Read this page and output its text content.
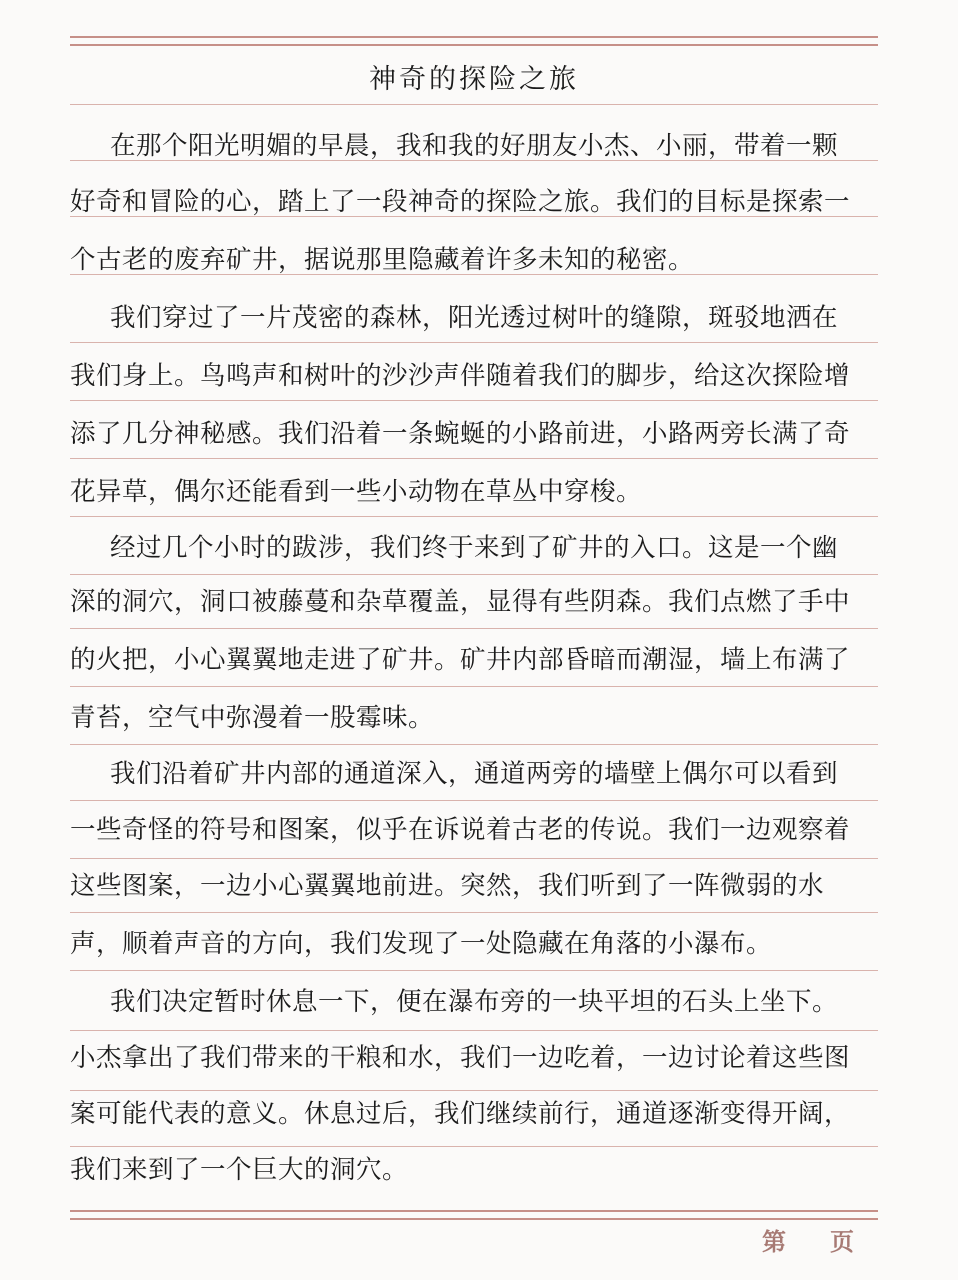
神奇的探险之旅
在那个阳光明媚的早晨，我和我的好朋友小杰、小丽，带着一颗
好奇和冒险的心，踏上了一段神奇的探险之旅。我们的目标是探索一
个古老的废弃矿井，据说那里隐藏着许多未知的秘密。
我们穿过了一片茂密的森林，阳光透过树叶的缝隙，斑驳地洒在
我们身上。鸟鸣声和树叶的沙沙声伴随着我们的脚步，给这次探险增
添了几分神秘感。我们沿着一条蜿蜒的小路前进，小路两旁长满了奇
花异草，偶尔还能看到一些小动物在草丛中穿梭。
经过几个小时的跋涉，我们终于来到了矿井的入口。这是一个幽
深的洞穴，洞口被藤蔓和杂草覆盖，显得有些阴森。我们点燃了手中
的火把，小心翼翼地走进了矿井。矿井内部昏暗而潮湿，墙上布满了
青苔，空气中弥漫着一股霉味。
我们沿着矿井内部的通道深入，通道两旁的墙壁上偶尔可以看到
一些奇怪的符号和图案，似乎在诉说着古老的传说。我们一边观察着
这些图案，一边小心翼翼地前进。突然，我们听到了一阵微弱的水
声，顺着声音的方向，我们发现了一处隐藏在角落的小瀑布。
我们决定暂时休息一下，便在瀑布旁的一块平坦的石头上坐下。
小杰拿出了我们带来的干粮和水，我们一边吃着，一边讨论着这些图
案可能代表的意义。休息过后，我们继续前行，通道逐渐变得开阔，
我们来到了一个巨大的洞穴。
第 页
